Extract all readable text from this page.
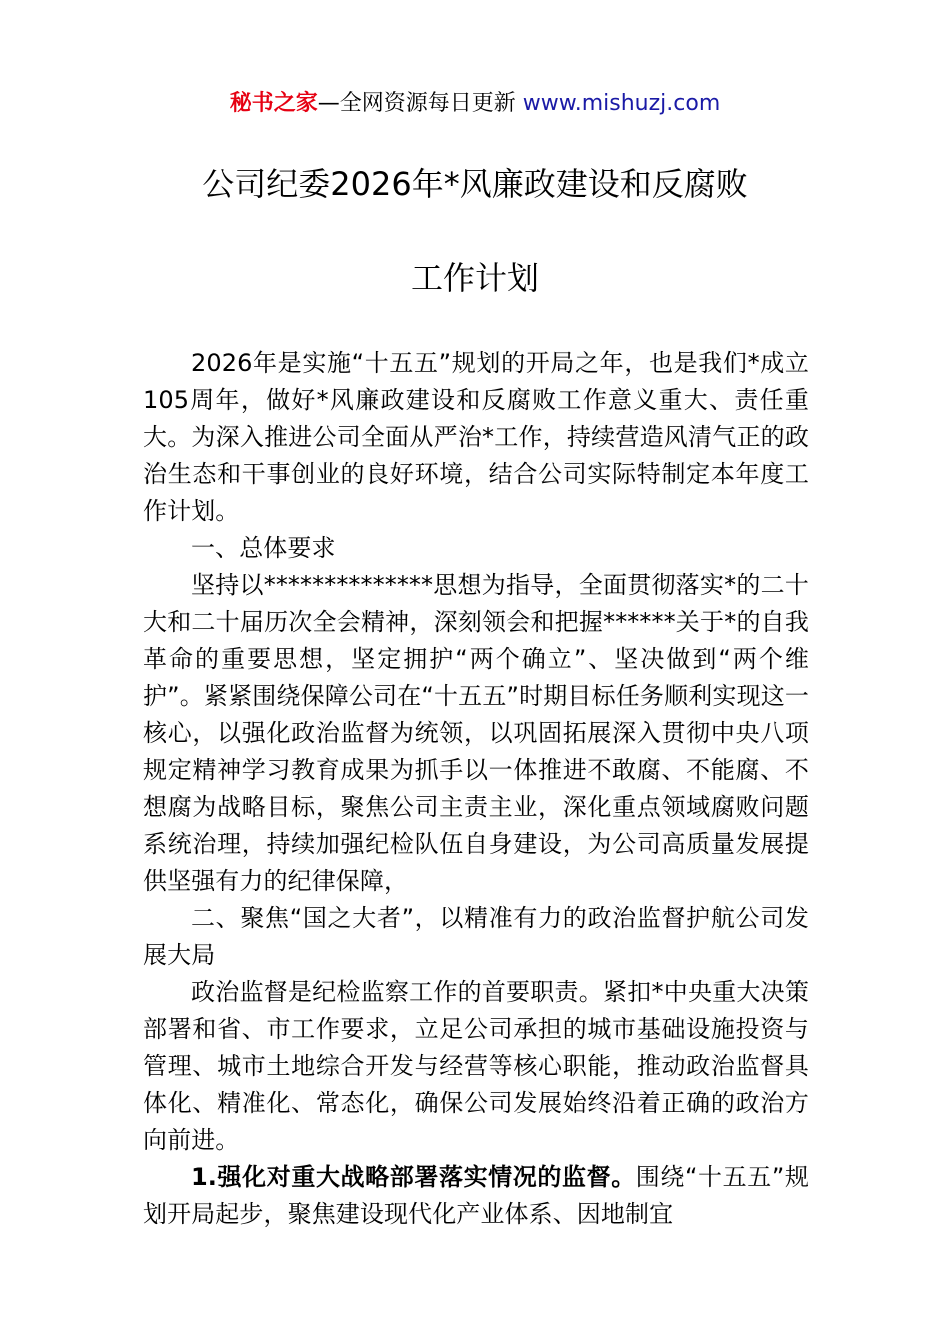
秘书之家—全网资源每日更新 www.mishuzj.com
公司纪委2026年*风廉政建设和反腐败
工作计划

2026年是实施“十五五”规划的开局之年，也是我们*成立105周年，做好*风廉政建设和反腐败工作意义重大、责任重大。为深入推进公司全面从严治*工作，持续营造风清气正的政治生态和干事创业的良好环境，结合公司实际特制定本年度工作计划。

一、总体要求

坚持以**************思想为指导，全面贯彻落实*的二十大和二十届历次全会精神，深刻领会和把握******关于*的自我革命的重要思想，坚定拥护“两个确立”、坚决做到“两个维护”。紧紧围绕保障公司在“十五五”时期目标任务顺利实现这一核心，以强化政治监督为统领，以巩固拓展深入贯彻中央八项规定精神学习教育成果为抓手以一体推进不敢腐、不能腐、不想腐为战略目标，聚焦公司主责主业，深化重点领域腐败问题系统治理，持续加强纪检队伍自身建设，为公司高质量发展提供坚强有力的纪律保障，

二、聚焦“国之大者”，以精准有力的政治监督护航公司发展大局

政治监督是纪检监察工作的首要职责。紧扣*中央重大决策部署和省、市工作要求，立足公司承担的城市基础设施投资与管理、城市土地综合开发与经营等核心职能，推动政治监督具体化、精准化、常态化，确保公司发展始终沿着正确的政治方向前进。

1.强化对重大战略部署落实情况的监督。围绕“十五五”规划开局起步，聚焦建设现代化产业体系、因地制宜
